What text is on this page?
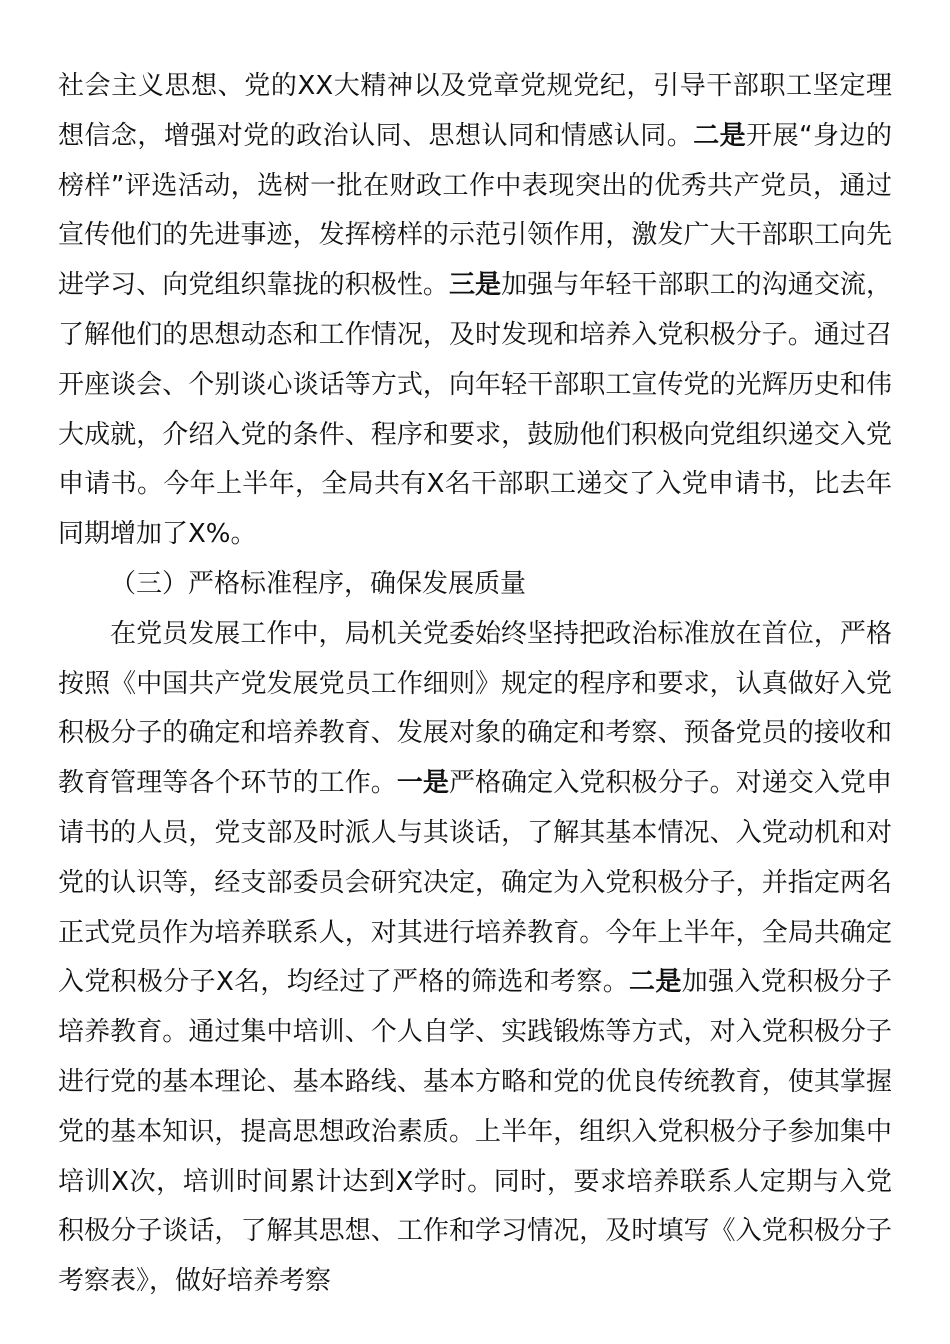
社会主义思想、党的XX大精神以及党章党规党纪，引导干部职工坚定理想信念，增强对党的政治认同、思想认同和情感认同。二是开展“身边的榜样”评选活动，选树一批在财政工作中表现突出的优秀共产党员，通过宣传他们的先进事迹，发挥榜样的示范引领作用，激发广大干部职工向先进学习、向党组织靠拢的积极性。三是加强与年轻干部职工的沟通交流，了解他们的思想动态和工作情况，及时发现和培养入党积极分子。通过召开座谈会、个别谈心谈话等方式，向年轻干部职工宣传党的光辉历史和伟大成就，介绍入党的条件、程序和要求，鼓励他们积极向党组织递交入党申请书。今年上半年，全局共有X名干部职工递交了入党申请书，比去年同期增加了X%。

（三）严格标准程序，确保发展质量

在党员发展工作中，局机关党委始终坚持把政治标准放在首位，严格按照《中国共产党发展党员工作细则》规定的程序和要求，认真做好入党积极分子的确定和培养教育、发展对象的确定和考察、预备党员的接收和教育管理等各个环节的工作。一是严格确定入党积极分子。对递交入党申请书的人员，党支部及时派人与其谈话，了解其基本情况、入党动机和对党的认识等，经支部委员会研究决定，确定为入党积极分子，并指定两名正式党员作为培养联系人，对其进行培养教育。今年上半年，全局共确定入党积极分子X名，均经过了严格的筛选和考察。二是加强入党积极分子培养教育。通过集中培训、个人自学、实践锻炼等方式，对入党积极分子进行党的基本理论、基本路线、基本方略和党的优良传统教育，使其掌握党的基本知识，提高思想政治素质。上半年，组织入党积极分子参加集中培训X次，培训时间累计达到X学时。同时，要求培养联系人定期与入党积极分子谈话，了解其思想、工作和学习情况，及时填写《入党积极分子考察表》，做好培养考察
